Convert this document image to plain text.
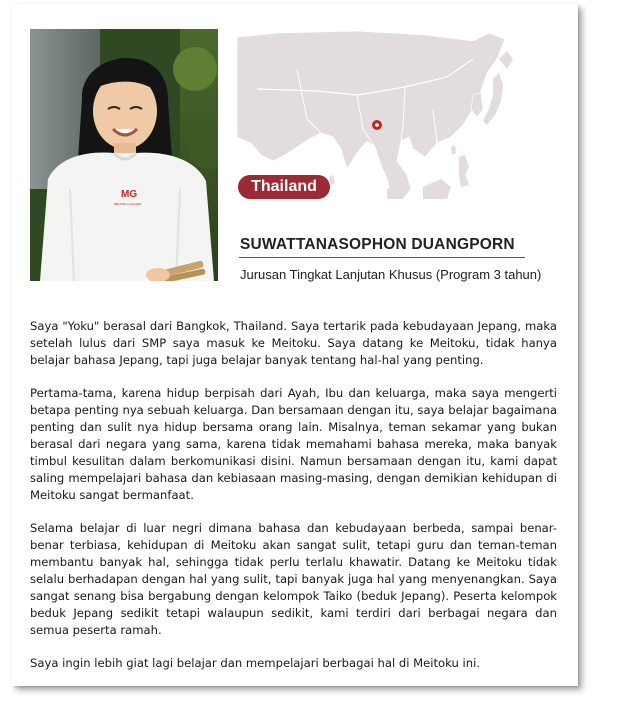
MG
MEITOKU GAKUEN
Thailand
SUWATTANASOPHON DUANGPORN
Jurusan Tingkat Lanjutan Khusus (Program 3 tahun)

Saya "Yoku" berasal dari Bangkok, Thailand. Saya tertarik pada kebudayaan Jepang, maka setelah lulus dari SMP saya masuk ke Meitoku. Saya datang ke Meitoku, tidak hanya belajar bahasa Jepang, tapi juga belajar banyak tentang hal-hal yang penting.

Pertama-tama, karena hidup berpisah dari Ayah, Ibu dan keluarga, maka saya mengerti betapa penting nya sebuah keluarga. Dan bersamaan dengan itu, saya belajar bagaimana penting dan sulit nya hidup bersama orang lain. Misalnya, teman sekamar yang bukan berasal dari negara yang sama, karena tidak memahami bahasa mereka, maka banyak timbul kesulitan dalam berkomunikasi disini. Namun bersamaan dengan itu, kami dapat saling mempelajari bahasa dan kebiasaan masing-masing, dengan demikian kehidupan di Meitoku sangat bermanfaat.

Selama belajar di luar negri dimana bahasa dan kebudayaan berbeda, sampai benar-benar terbiasa, kehidupan di Meitoku akan sangat sulit, tetapi guru dan teman-teman membantu banyak hal, sehingga tidak perlu terlalu khawatir. Datang ke Meitoku tidak selalu berhadapan dengan hal yang sulit, tapi banyak juga hal yang menyenangkan. Saya sangat senang bisa bergabung dengan kelompok Taiko (beduk Jepang). Peserta kelompok beduk Jepang sedikit tetapi walaupun sedikit, kami terdiri dari berbagai negara dan semua peserta ramah.

Saya ingin lebih giat lagi belajar dan mempelajari berbagai hal di Meitoku ini.
